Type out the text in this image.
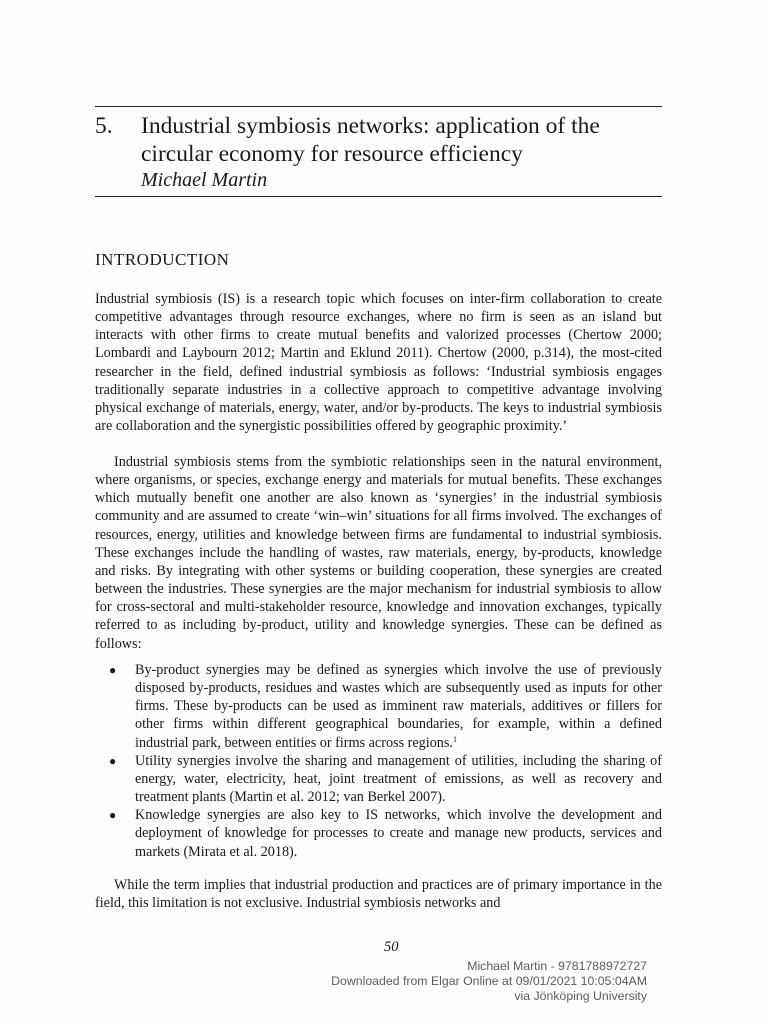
5. Industrial symbiosis networks: application of the circular economy for resource efficiency
Michael Martin
INTRODUCTION

Industrial symbiosis (IS) is a research topic which focuses on inter-firm collaboration to create competitive advantages through resource exchanges, where no firm is seen as an island but interacts with other firms to create mutual benefits and valorized processes (Chertow 2000; Lombardi and Laybourn 2012; Martin and Eklund 2011). Chertow (2000, p.314), the most-cited researcher in the field, defined industrial symbiosis as follows: ‘Industrial symbiosis engages traditionally separate industries in a collective approach to competitive advantage involving physical exchange of materials, energy, water, and/or by-products. The keys to industrial symbiosis are collaboration and the synergistic possibilities offered by geographic proximity.’

Industrial symbiosis stems from the symbiotic relationships seen in the natural environment, where organisms, or species, exchange energy and materials for mutual benefits. These exchanges which mutually benefit one another are also known as ‘synergies’ in the industrial symbiosis community and are assumed to create ‘win–win’ situations for all firms involved. The exchanges of resources, energy, utilities and knowledge between firms are fundamental to industrial symbiosis. These exchanges include the handling of wastes, raw materials, energy, by-products, knowledge and risks. By integrating with other systems or building cooperation, these synergies are created between the industries. These synergies are the major mechanism for industrial symbiosis to allow for cross-sectoral and multi-stakeholder resource, knowledge and innovation exchanges, typically referred to as including by-product, utility and knowledge synergies. These can be defined as follows:

● By-product synergies may be defined as synergies which involve the use of previously disposed by-products, residues and wastes which are subsequently used as inputs for other firms. These by-products can be used as imminent raw materials, additives or fillers for other firms within different geographical boundaries, for example, within a defined industrial park, between entities or firms across regions.$^1$
● Utility synergies involve the sharing and management of utilities, including the sharing of energy, water, electricity, heat, joint treatment of emissions, as well as recovery and treatment plants (Martin et al. 2012; van Berkel 2007).
● Knowledge synergies are also key to IS networks, which involve the development and deployment of knowledge for processes to create and manage new products, services and markets (Mirata et al. 2018).

While the term implies that industrial production and practices are of primary importance in the field, this limitation is not exclusive. Industrial symbiosis networks and

50
Michael Martin - 9781788972727
Downloaded from Elgar Online at 09/01/2021 10:05:04AM
via Jönköping University
